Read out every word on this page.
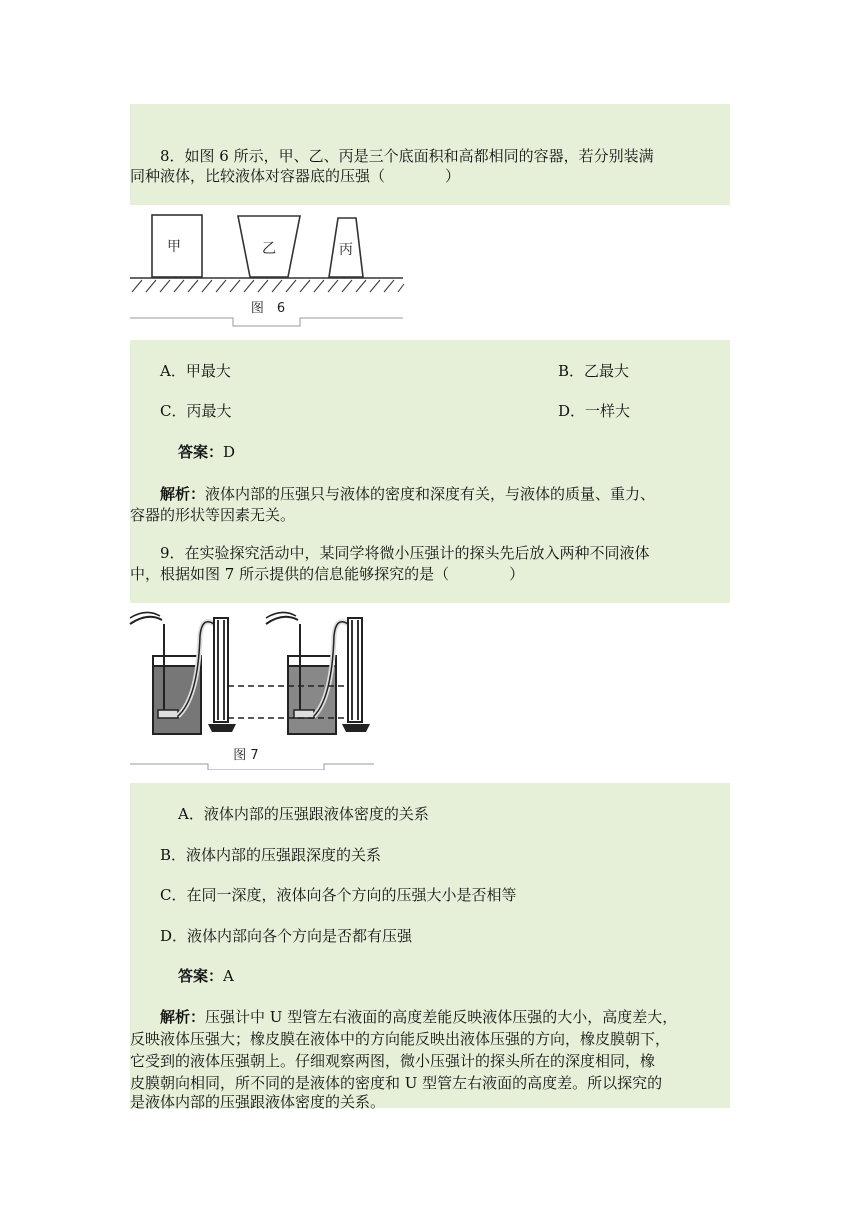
8．如图 6 所示，甲、乙、丙是三个底面积和高都相同的容器，若分别装满
同种液体，比较液体对容器底的压强（　　　　）
甲	乙	丙
图　6
A．甲最大	B．乙最大
C．丙最大	D．一样大
答案：D
解析：液体内部的压强只与液体的密度和深度有关，与液体的质量、重力、
容器的形状等因素无关。
9．在实验探究活动中，某同学将微小压强计的探头先后放入两种不同液体
中，根据如图 7 所示提供的信息能够探究的是（　　　　）
图 7
A．液体内部的压强跟液体密度的关系
B．液体内部的压强跟深度的关系
C．在同一深度，液体向各个方向的压强大小是否相等
D．液体内部向各个方向是否都有压强
答案：A
解析：压强计中 U 型管左右液面的高度差能反映液体压强的大小，高度差大，
反映液体压强大；橡皮膜在液体中的方向能反映出液体压强的方向，橡皮膜朝下，
它受到的液体压强朝上。仔细观察两图，微小压强计的探头所在的深度相同，橡
皮膜朝向相同，所不同的是液体的密度和 U 型管左右液面的高度差。所以探究的
是液体内部的压强跟液体密度的关系。
